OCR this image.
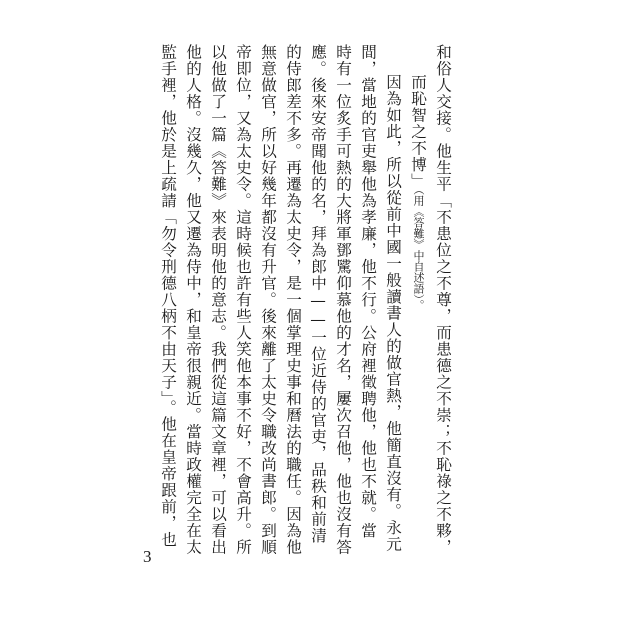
和俗人交接。他生平「不患位之不尊，而患德之不崇；不恥祿之不夥，
而恥智之不博」（用《答難》中自述語）。
因為如此，所以從前中國一般讀書人的做官熱，他簡直沒有。永元
間，當地的官吏舉他為孝廉，他不行。公府裡徵聘他，他也不就。當
時有一位炙手可熱的大將軍鄧騭仰慕他的才名，屢次召他，他也沒有答
應。後來安帝聞他的名，拜為郎中——一位近侍的官吏，品秩和前清
的侍郎差不多。再遷為太史令，是一個掌理史事和曆法的職任。因為他
無意做官，所以好幾年都沒有升官。後來離了太史令職改尚書郎。到順
帝即位，又為太史令。這時候也許有些人笑他本事不好，不會高升。所
以他做了一篇《答難》來表明他的意志。我們從這篇文章裡，可以看出
他的人格。沒幾久，他又遷為侍中，和皇帝很親近。當時政權完全在太
監手裡，他於是上疏請「勿令刑德八柄不由天子」。他在皇帝跟前，也
3
